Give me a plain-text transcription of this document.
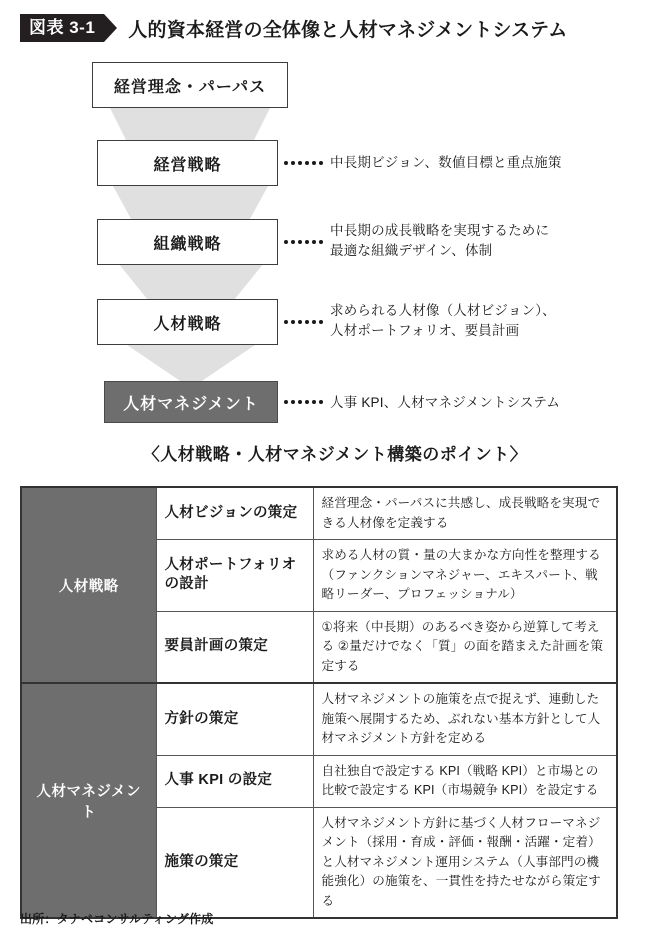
図表 3-1	人的資本経営の全体像と人材マネジメントシステム
経営理念・パーパス
経営戦略	中長期ビジョン、数値目標と重点施策
組織戦略
中長期の成長戦略を実現するために
最適な組織デザイン、体制
人材戦略
求められる人材像（人材ビジョン）、
人材ポートフォリオ、要員計画
人材マネジメント	人事 KPI、人材マネジメントシステム
〈人材戦略・人材マネジメント構築のポイント〉
人材戦略	人材ビジョンの策定	経営理念・パーパスに共感し、成長戦略を実現できる人材像を定義する
	人材ポートフォリオの設計	求める人材の質・量の大まかな方向性を整理する（ファンクションマネジャー、エキスパート、戦略リーダー、プロフェッショナル）
	要員計画の策定	①将来（中長期）のあるべき姿から逆算して考える ②量だけでなく「質」の面を踏まえた計画を策定する
人材マネジメント	方針の策定	人材マネジメントの施策を点で捉えず、連動した施策へ展開するため、ぶれない基本方針として人材マネジメント方針を定める
	人事 KPI の設定	自社独自で設定する KPI（戦略 KPI）と市場との比較で設定する KPI（市場競争 KPI）を設定する
	施策の策定	人材マネジメント方針に基づく人材フローマネジメント（採用・育成・評価・報酬・活躍・定着）と人材マネジメント運用システム（人事部門の機能強化）の施策を、一貫性を持たせながら策定する
出所：タナベコンサルティング作成
